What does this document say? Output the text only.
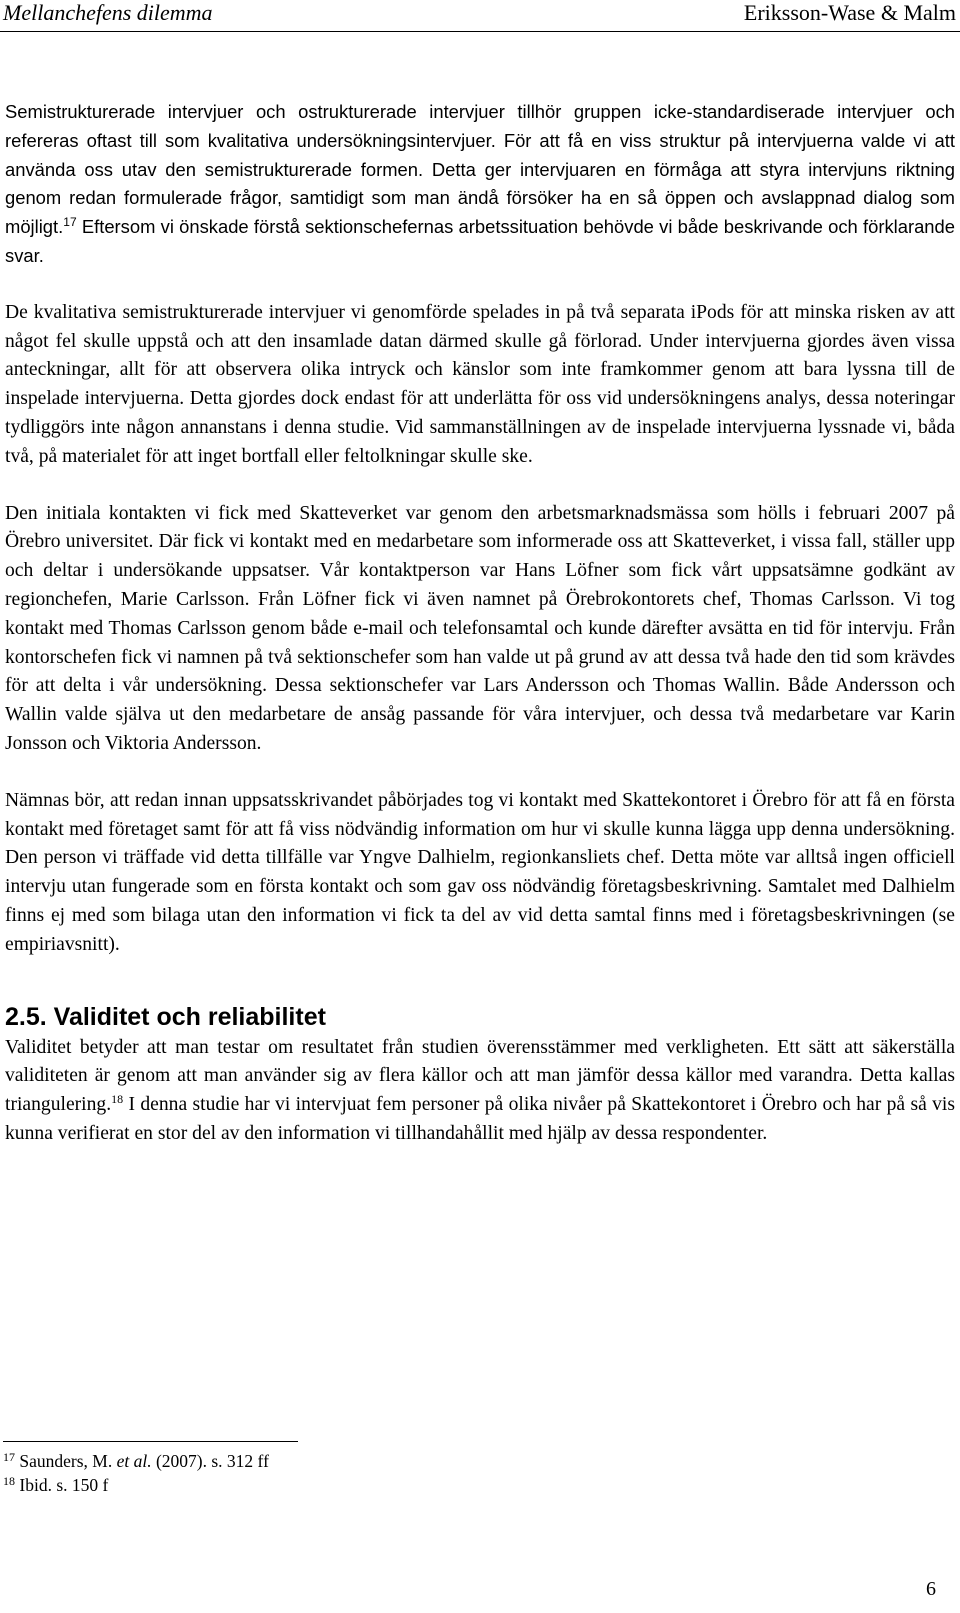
Mellanchefens dilemma	Eriksson-Wase & Malm

Semistrukturerade intervjuer och ostrukturerade intervjuer tillhör gruppen icke-standardiserade intervjuer och refereras oftast till som kvalitativa undersökningsintervjuer. För att få en viss struktur på intervjuerna valde vi att använda oss utav den semistrukturerade formen. Detta ger intervjuaren en förmåga att styra intervjuns riktning genom redan formulerade frågor, samtidigt som man ändå försöker ha en så öppen och avslappnad dialog som möjligt.$^{17}$ Eftersom vi önskade förstå sektionschefernas arbetssituation behövde vi både beskrivande och förklarande svar.

De kvalitativa semistrukturerade intervjuer vi genomförde spelades in på två separata iPods för att minska risken av att något fel skulle uppstå och att den insamlade datan därmed skulle gå förlorad. Under intervjuerna gjordes även vissa anteckningar, allt för att observera olika intryck och känslor som inte framkommer genom att bara lyssna till de inspelade intervjuerna. Detta gjordes dock endast för att underlätta för oss vid undersökningens analys, dessa noteringar tydliggörs inte någon annanstans i denna studie. Vid sammanställningen av de inspelade intervjuerna lyssnade vi, båda två, på materialet för att inget bortfall eller feltolkningar skulle ske.

Den initiala kontakten vi fick med Skatteverket var genom den arbetsmarknadsmässa som hölls i februari 2007 på Örebro universitet. Där fick vi kontakt med en medarbetare som informerade oss att Skatteverket, i vissa fall, ställer upp och deltar i undersökande uppsatser. Vår kontaktperson var Hans Löfner som fick vårt uppsatsämne godkänt av regionchefen, Marie Carlsson. Från Löfner fick vi även namnet på Örebrokontorets chef, Thomas Carlsson. Vi tog kontakt med Thomas Carlsson genom både e-mail och telefonsamtal och kunde därefter avsätta en tid för intervju. Från kontorschefen fick vi namnen på två sektionschefer som han valde ut på grund av att dessa två hade den tid som krävdes för att delta i vår undersökning. Dessa sektionschefer var Lars Andersson och Thomas Wallin. Både Andersson och Wallin valde själva ut den medarbetare de ansåg passande för våra intervjuer, och dessa två medarbetare var Karin Jonsson och Viktoria Andersson.

Nämnas bör, att redan innan uppsatsskrivandet påbörjades tog vi kontakt med Skattekontoret i Örebro för att få en första kontakt med företaget samt för att få viss nödvändig information om hur vi skulle kunna lägga upp denna undersökning. Den person vi träffade vid detta tillfälle var Yngve Dalhielm, regionkansliets chef. Detta möte var alltså ingen officiell intervju utan fungerade som en första kontakt och som gav oss nödvändig företagsbeskrivning. Samtalet med Dalhielm finns ej med som bilaga utan den information vi fick ta del av vid detta samtal finns med i företagsbeskrivningen (se empiriavsnitt).

2.5. Validitet och reliabilitet

Validitet betyder att man testar om resultatet från studien överensstämmer med verkligheten. Ett sätt att säkerställa validiteten är genom att man använder sig av flera källor och att man jämför dessa källor med varandra. Detta kallas triangulering.$^{18}$ I denna studie har vi intervjuat fem personer på olika nivåer på Skattekontoret i Örebro och har på så vis kunna verifierat en stor del av den information vi tillhandahållit med hjälp av dessa respondenter.

$^{17}$ Saunders, M. et al. (2007). s. 312 ff
$^{18}$ Ibid. s. 150 f
6
